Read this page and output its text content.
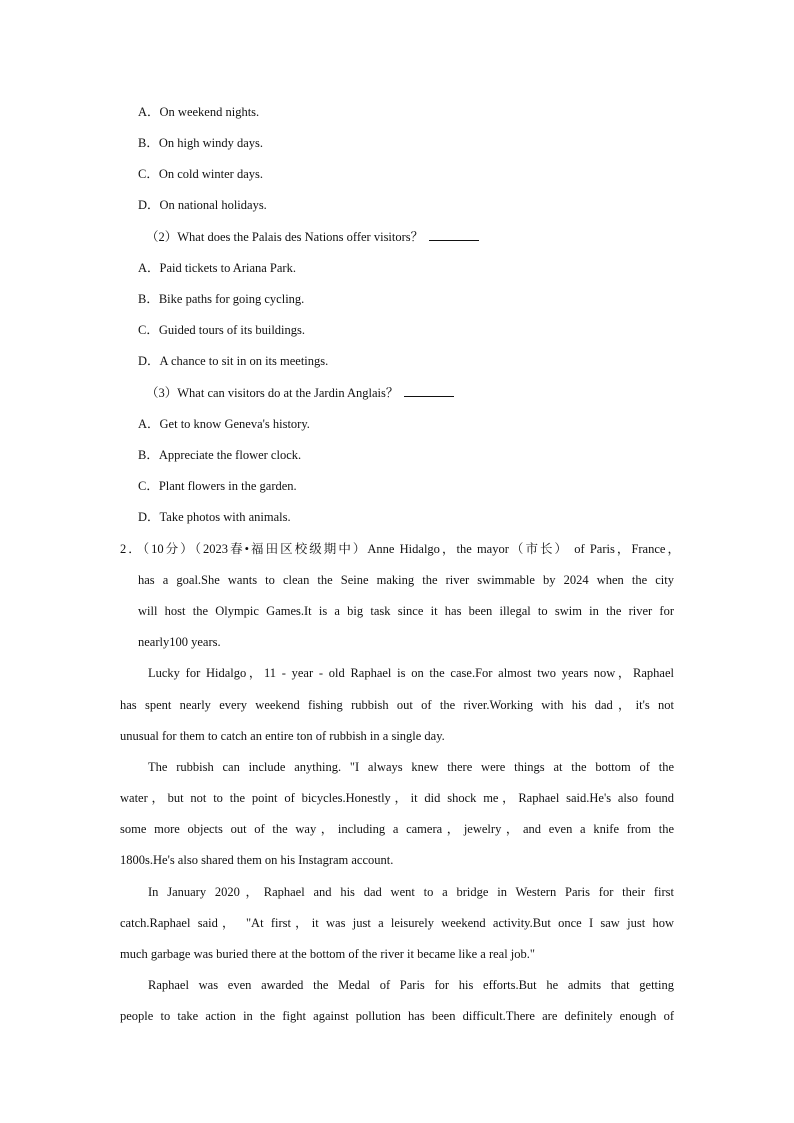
A．On weekend nights.
B．On high windy days.
C．On cold winter days.
D．On national holidays.
（2）What does the Palais des Nations offer visitors？
A．Paid tickets to Ariana Park.
B．Bike paths for going cycling.
C．Guided tours of its buildings.
D．A chance to sit in on its meetings.
（3）What can visitors do at the Jardin Anglais？
A．Get to know Geneva's history.
B．Appreciate the flower clock.
C．Plant flowers in the garden.
D．Take photos with animals.
2．（10分）（2023春•福田区校级期中）Anne Hidalgo，the mayor（市长） of Paris，France，
has a goal.She wants to clean the Seine making the river swimmable by 2024 when the city
will host the Olympic Games.It is a big task since it has been illegal to swim in the river for
nearly100 years.
Lucky for Hidalgo，11 - year - old Raphael is on the case.For almost two years now，Raphael
has spent nearly every weekend fishing rubbish out of the river.Working with his dad，it's not
unusual for them to catch an entire ton of rubbish in a single day.
The rubbish can include anything. "I always knew there were things at the bottom of the
water，but not to the point of bicycles.Honestly，it did shock me，Raphael said.He's also found
some more objects out of the way，including a camera，jewelry，and even a knife from the
1800s.He's also shared them on his Instagram account.
In January 2020，Raphael and his dad went to a bridge in Western Paris for their first
catch.Raphael said， "At first，it was just a leisurely weekend activity.But once I saw just how
much garbage was buried there at the bottom of the river it became like a real job."
Raphael was even awarded the Medal of Paris for his efforts.But he admits that getting
people to take action in the fight against pollution has been difficult.There are definitely enough of
